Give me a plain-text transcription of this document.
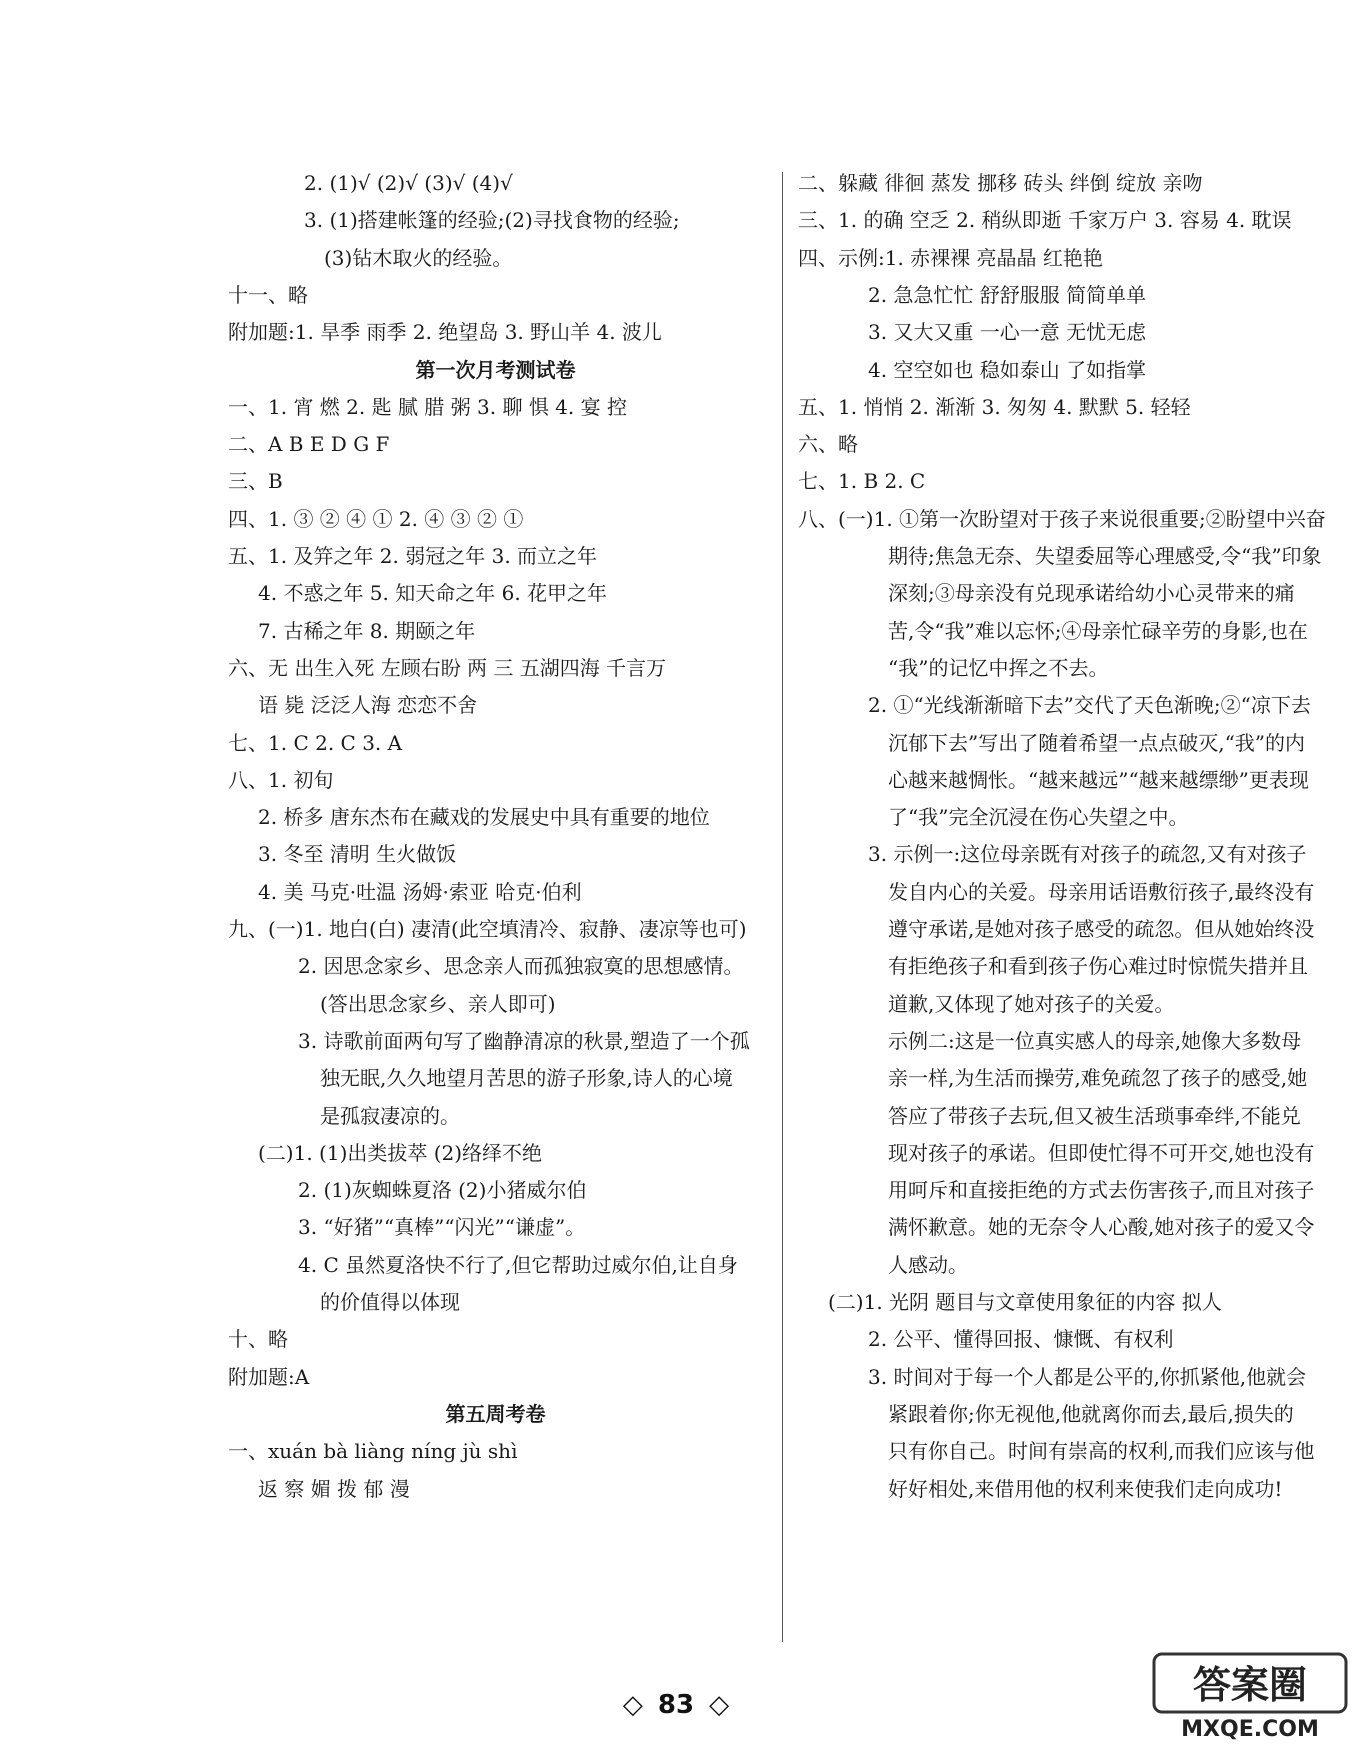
2. (1)√ (2)√ (3)√ (4)√
3. (1)搭建帐篷的经验;(2)寻找食物的经验;
(3)钻木取火的经验。
十一、略
附加题:1. 旱季 雨季 2. 绝望岛 3. 野山羊 4. 波儿
第一次月考测试卷
一、1. 宵 燃 2. 匙 腻 腊 粥 3. 聊 惧 4. 宴 控
二、A B E D G F
三、B
四、1. ③ ② ④ ① 2. ④ ③ ② ①
五、1. 及笄之年 2. 弱冠之年 3. 而立之年
4. 不惑之年 5. 知天命之年 6. 花甲之年
7. 古稀之年 8. 期颐之年
六、无 出生入死 左顾右盼 两 三 五湖四海 千言万
语 毙 泛泛人海 恋恋不舍
七、1. C 2. C 3. A
八、1. 初旬
2. 桥多 唐东杰布在藏戏的发展史中具有重要的地位
3. 冬至 清明 生火做饭
4. 美 马克·吐温 汤姆·索亚 哈克·伯利
九、(一)1. 地白(白) 凄清(此空填清冷、寂静、凄凉等也可)
2. 因思念家乡、思念亲人而孤独寂寞的思想感情。
(答出思念家乡、亲人即可)
3. 诗歌前面两句写了幽静清凉的秋景,塑造了一个孤
独无眠,久久地望月苦思的游子形象,诗人的心境
是孤寂凄凉的。
(二)1. (1)出类拔萃 (2)络绎不绝
2. (1)灰蜘蛛夏洛 (2)小猪威尔伯
3. “好猪”“真棒”“闪光”“谦虚”。
4. C 虽然夏洛快不行了,但它帮助过威尔伯,让自身
的价值得以体现
十、略
附加题:A
第五周考卷
一、xuán bà liàng níng jù shì
返 察 媚 拨 郁 漫
二、躲藏 徘徊 蒸发 挪移 砖头 绊倒 绽放 亲吻
三、1. 的确 空乏 2. 稍纵即逝 千家万户 3. 容易 4. 耽误
四、示例:1. 赤裸裸 亮晶晶 红艳艳
2. 急急忙忙 舒舒服服 简简单单
3. 又大又重 一心一意 无忧无虑
4. 空空如也 稳如泰山 了如指掌
五、1. 悄悄 2. 渐渐 3. 匆匆 4. 默默 5. 轻轻
六、略
七、1. B 2. C
八、(一)1. ①第一次盼望对于孩子来说很重要;②盼望中兴奋
期待;焦急无奈、失望委屈等心理感受,令“我”印象
深刻;③母亲没有兑现承诺给幼小心灵带来的痛
苦,令“我”难以忘怀;④母亲忙碌辛劳的身影,也在
“我”的记忆中挥之不去。
2. ①“光线渐渐暗下去”交代了天色渐晚;②“凉下去
沉郁下去”写出了随着希望一点点破灭,“我”的内
心越来越惆怅。“越来越远”“越来越缥缈”更表现
了“我”完全沉浸在伤心失望之中。
3. 示例一:这位母亲既有对孩子的疏忽,又有对孩子
发自内心的关爱。母亲用话语敷衍孩子,最终没有
遵守承诺,是她对孩子感受的疏忽。但从她始终没
有拒绝孩子和看到孩子伤心难过时惊慌失措并且
道歉,又体现了她对孩子的关爱。
示例二:这是一位真实感人的母亲,她像大多数母
亲一样,为生活而操劳,难免疏忽了孩子的感受,她
答应了带孩子去玩,但又被生活琐事牵绊,不能兑
现对孩子的承诺。但即使忙得不可开交,她也没有
用呵斥和直接拒绝的方式去伤害孩子,而且对孩子
满怀歉意。她的无奈令人心酸,她对孩子的爱又令
人感动。
(二)1. 光阴 题目与文章使用象征的内容 拟人
2. 公平、懂得回报、慷慨、有权利
3. 时间对于每一个人都是公平的,你抓紧他,他就会
紧跟着你;你无视他,他就离你而去,最后,损失的
只有你自己。时间有崇高的权利,而我们应该与他
好好相处,来借用他的权利来使我们走向成功!
◇ 83 ◇	答案圈
MXQE.COM
